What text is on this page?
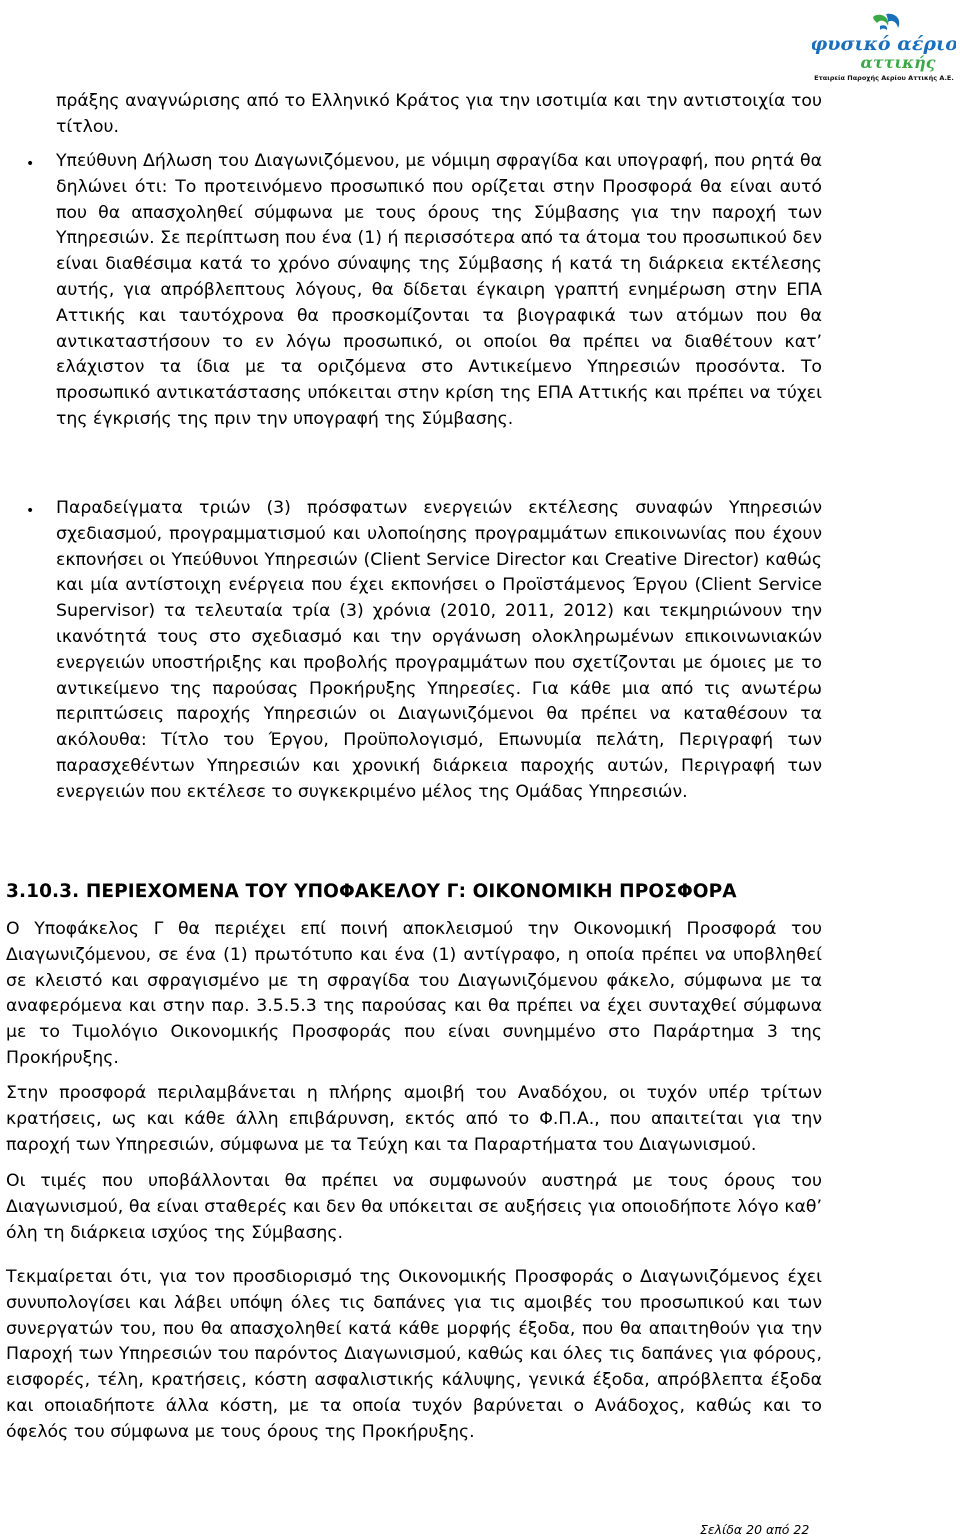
φυσικό αέριο
αττικής
Εταιρεία Παροχής Αερίου Αττικής Α.Ε.
πράξης αναγνώρισης από το Ελληνικό Κράτος για την ισοτιμία και την αντιστοιχία του τίτλου.
• Υπεύθυνη Δήλωση του Διαγωνιζόμενου, με νόμιμη σφραγίδα και υπογραφή, που ρητά θα δηλώνει ότι: Το προτεινόμενο προσωπικό που ορίζεται στην Προσφορά θα είναι αυτό που θα απασχοληθεί σύμφωνα με τους όρους της Σύμβασης για την παροχή των Υπηρεσιών. Σε περίπτωση που ένα (1) ή περισσότερα από τα άτομα του προσωπικού δεν είναι διαθέσιμα κατά το χρόνο σύναψης της Σύμβασης ή κατά τη διάρκεια εκτέλεσης αυτής, για απρόβλεπτους λόγους, θα δίδεται έγκαιρη γραπτή ενημέρωση στην ΕΠΑ Αττικής και ταυτόχρονα θα προσκομίζονται τα βιογραφικά των ατόμων που θα αντικαταστήσουν το εν λόγω προσωπικό, οι οποίοι θα πρέπει να διαθέτουν κατ’ ελάχιστον τα ίδια με τα οριζόμενα στο Αντικείμενο Υπηρεσιών προσόντα. Το προσωπικό αντικατάστασης υπόκειται στην κρίση της ΕΠΑ Αττικής και πρέπει να τύχει της έγκρισής της πριν την υπογραφή της Σύμβασης.
• Παραδείγματα τριών (3) πρόσφατων ενεργειών εκτέλεσης συναφών Υπηρεσιών σχεδιασμού, προγραμματισμού και υλοποίησης προγραμμάτων επικοινωνίας που έχουν εκπονήσει οι Υπεύθυνοι Υπηρεσιών (Client Service Director και Creative Director) καθώς και μία αντίστοιχη ενέργεια που έχει εκπονήσει ο Προϊστάμενος Έργου (Client Service Supervisor) τα τελευταία τρία (3) χρόνια (2010, 2011, 2012) και τεκμηριώνουν την ικανότητά τους στο σχεδιασμό και την οργάνωση ολοκληρωμένων επικοινωνιακών ενεργειών υποστήριξης και προβολής προγραμμάτων που σχετίζονται με όμοιες με το αντικείμενο της παρούσας Προκήρυξης Υπηρεσίες. Για κάθε μια από τις ανωτέρω περιπτώσεις παροχής Υπηρεσιών οι Διαγωνιζόμενοι θα πρέπει να καταθέσουν τα ακόλουθα: Τίτλο του Έργου, Προϋπολογισμό, Επωνυμία πελάτη, Περιγραφή των παρασχεθέντων Υπηρεσιών και χρονική διάρκεια παροχής αυτών, Περιγραφή των ενεργειών που εκτέλεσε το συγκεκριμένο μέλος της Ομάδας Υπηρεσιών.
3.10.3. ΠΕΡΙΕΧΟΜΕΝΑ ΤΟΥ ΥΠΟΦΑΚΕΛΟΥ Γ: ΟΙΚΟΝΟΜΙΚΗ ΠΡΟΣΦΟΡΑ
Ο Υποφάκελος Γ θα περιέχει επί ποινή αποκλεισμού την Οικονομική Προσφορά του Διαγωνιζόμενου, σε ένα (1) πρωτότυπο και ένα (1) αντίγραφο, η οποία πρέπει να υποβληθεί σε κλειστό και σφραγισμένο με τη σφραγίδα του Διαγωνιζόμενου φάκελο, σύμφωνα με τα αναφερόμενα και στην παρ. 3.5.5.3 της παρούσας και θα πρέπει να έχει συνταχθεί σύμφωνα με το Τιμολόγιο Οικονομικής Προσφοράς που είναι συνημμένο στο Παράρτημα 3 της Προκήρυξης.
Στην προσφορά περιλαμβάνεται η πλήρης αμοιβή του Αναδόχου, οι τυχόν υπέρ τρίτων κρατήσεις, ως και κάθε άλλη επιβάρυνση, εκτός από το Φ.Π.Α., που απαιτείται για την παροχή των Υπηρεσιών, σύμφωνα με τα Τεύχη και τα Παραρτήματα του Διαγωνισμού.
Οι τιμές που υποβάλλονται θα πρέπει να συμφωνούν αυστηρά με τους όρους του Διαγωνισμού, θα είναι σταθερές και δεν θα υπόκειται σε αυξήσεις για οποιοδήποτε λόγο καθ’ όλη τη διάρκεια ισχύος της Σύμβασης.
Τεκμαίρεται ότι, για τον προσδιορισμό της Οικονομικής Προσφοράς ο Διαγωνιζόμενος έχει συνυπολογίσει και λάβει υπόψη όλες τις δαπάνες για τις αμοιβές του προσωπικού και των συνεργατών του, που θα απασχοληθεί κατά κάθε μορφής έξοδα, που θα απαιτηθούν για την Παροχή των Υπηρεσιών του παρόντος Διαγωνισμού, καθώς και όλες τις δαπάνες για φόρους, εισφορές, τέλη, κρατήσεις, κόστη ασφαλιστικής κάλυψης, γενικά έξοδα, απρόβλεπτα έξοδα και οποιαδήποτε άλλα κόστη, με τα οποία τυχόν βαρύνεται ο Ανάδοχος, καθώς και το όφελός του σύμφωνα με τους όρους της Προκήρυξης.
Σελίδα 20 από 22
